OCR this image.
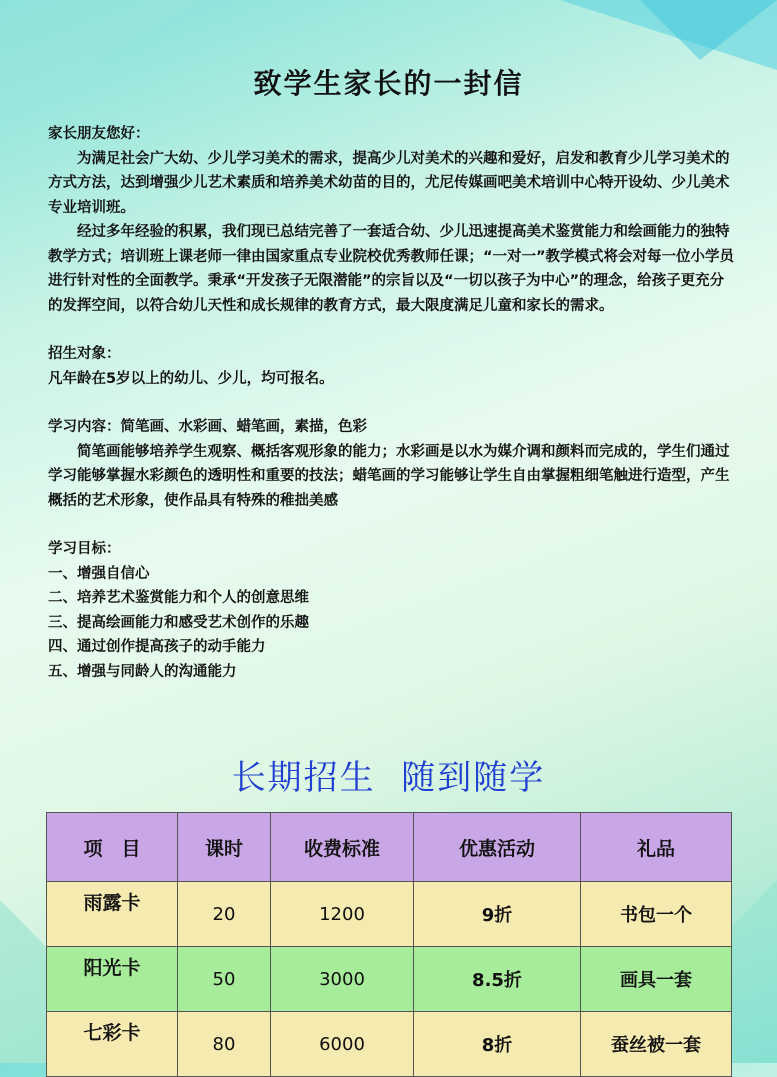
致学生家长的一封信

家长朋友您好：

为满足社会广大幼、少儿学习美术的需求，提高少儿对美术的兴趣和爱好，启发和教育少儿学习美术的方式方法，达到增强少儿艺术素质和培养美术幼苗的目的，尤尼传媒画吧美术培训中心特开设幼、少儿美术专业培训班。

经过多年经验的积累，我们现已总结完善了一套适合幼、少儿迅速提高美术鉴赏能力和绘画能力的独特教学方式；培训班上课老师一律由国家重点专业院校优秀教师任课；“一对一”教学模式将会对每一位小学员进行针对性的全面教学。秉承“开发孩子无限潜能”的宗旨以及“一切以孩子为中心”的理念，给孩子更充分的发挥空间，以符合幼儿天性和成长规律的教育方式，最大限度满足儿童和家长的需求。

招生对象：

凡年龄在5岁以上的幼儿、少儿，均可报名。

学习内容：简笔画、水彩画、蜡笔画，素描，色彩

简笔画能够培养学生观察、概括客观形象的能力；水彩画是以水为媒介调和颜料而完成的，学生们通过学习能够掌握水彩颜色的透明性和重要的技法；蜡笔画的学习能够让学生自由掌握粗细笔触进行造型，产生概括的艺术形象，使作品具有特殊的稚拙美感

学习目标：

一、增强自信心

二、培养艺术鉴赏能力和个人的创意思维

三、提高绘画能力和感受艺术创作的乐趣

四、通过创作提高孩子的动手能力

五、增强与同龄人的沟通能力

长期招生  随到随学
项　目	课时	收费标准	优惠活动	礼品
雨露卡	20	1200	9折	书包一个
阳光卡	50	3000	8.5折	画具一套
七彩卡	80	6000	8折	蚕丝被一套
